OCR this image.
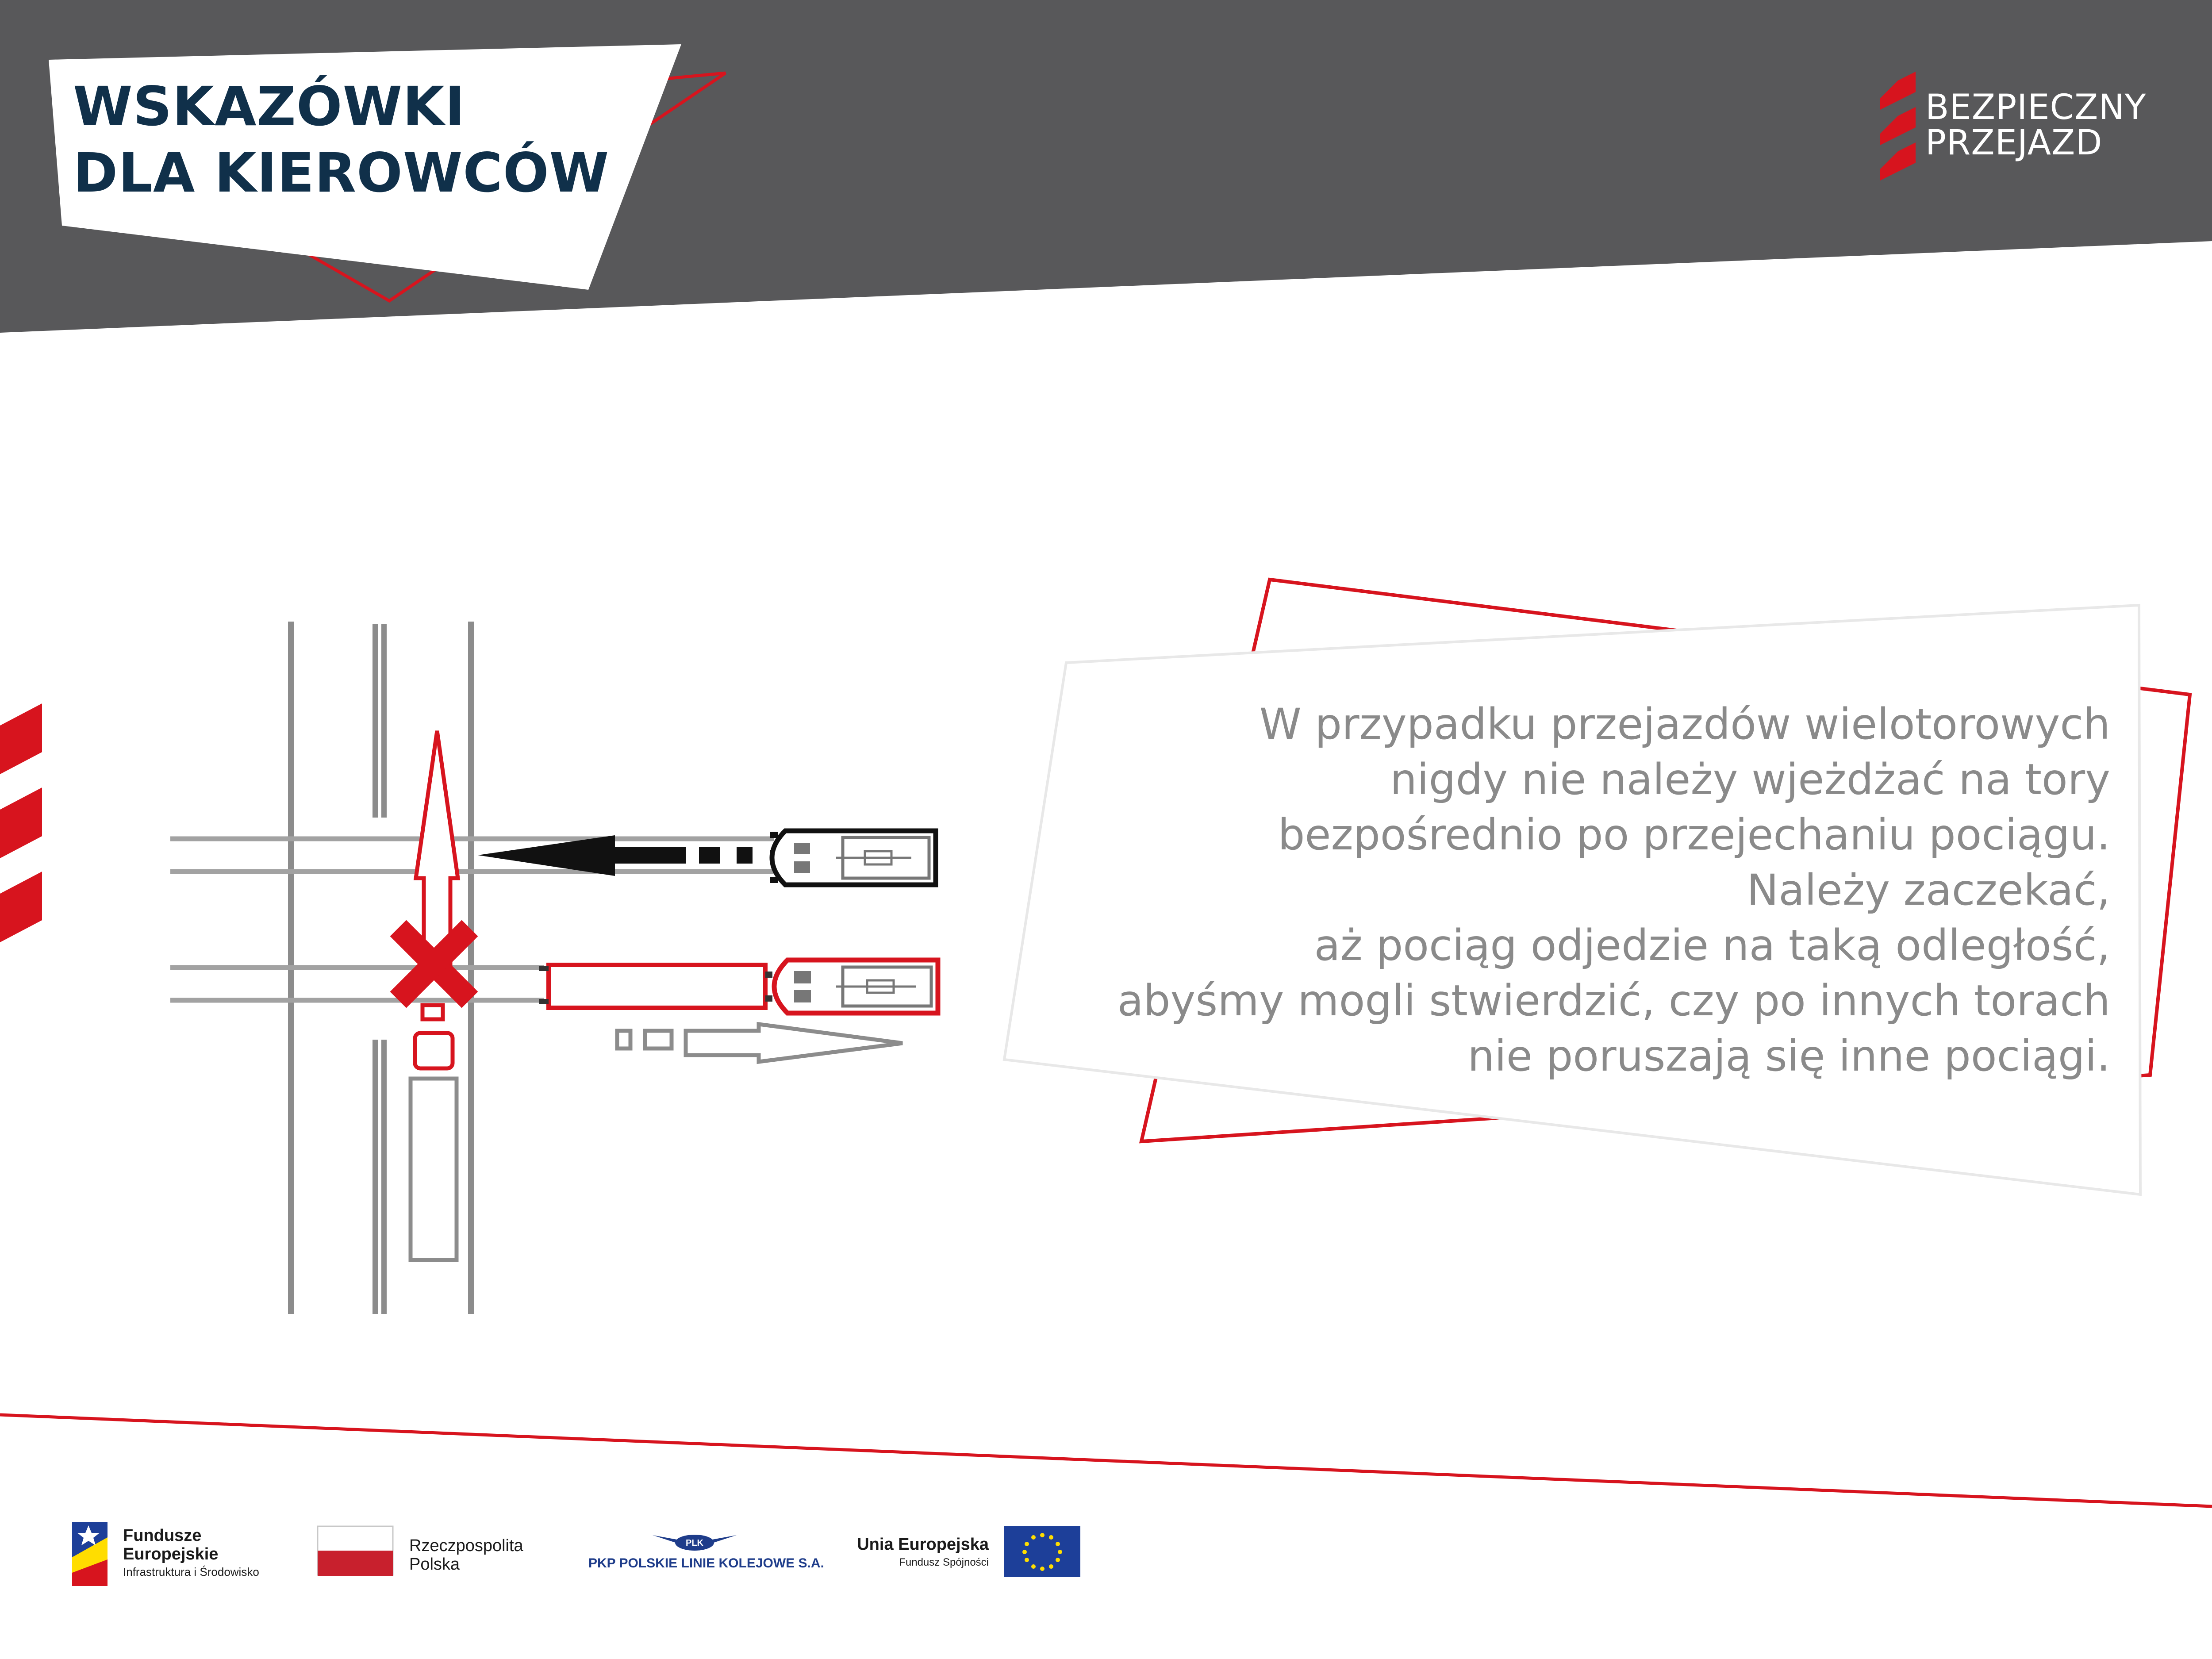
PLK
WSKAZÓWKI
DLA KIEROWCÓW
BEZPIECZNY
PRZEJAZD

W przypadku przejazdów wielotorowych
nigdy nie należy wjeżdżać na tory
bezpośrednio po przejechaniu pociągu.
Należy zaczekać,
aż pociąg odjedzie na taką odległość,
abyśmy mogli stwierdzić, czy po innych torach
nie poruszają się inne pociągi.

Fundusze
Europejskie
Infrastruktura i Środowisko
Rzeczpospolita
Polska	PKP POLSKIE LINIE KOLEJOWE S.A.
Unia Europejska
Fundusz Spójności
